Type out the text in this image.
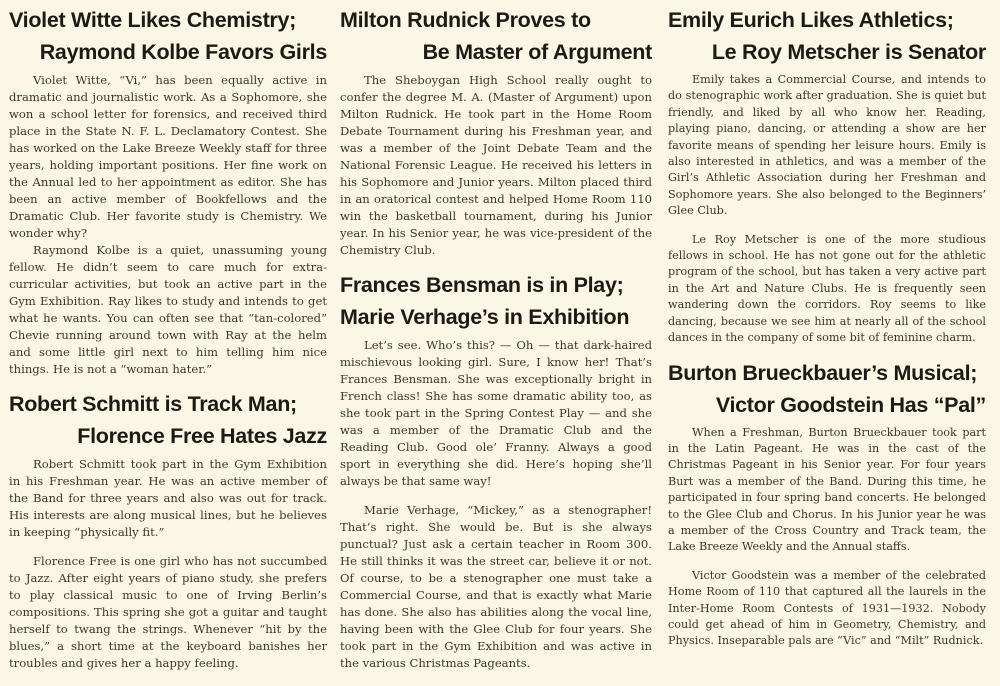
Violet Witte Likes Chemistry;
Raymond Kolbe Favors Girls

Violet Witte, “Vi,” has been equally active in dramatic and journalistic work. As a Sophomore, she won a school letter for forensics, and received third place in the State N. F. L. Declamatory Contest. She has worked on the Lake Breeze Weekly staff for three years, holding important positions. Her fine work on the Annual led to her appointment as editor. She has been an active member of Bookfellows and the Dramatic Club. Her favorite study is Chemistry. We wonder why?

Raymond Kolbe is a quiet, unassuming young fellow. He didn’t seem to care much for extra-curricular activities, but took an active part in the Gym Exhibition. Ray likes to study and intends to get what he wants. You can often see that “tan-colored” Chevie running around town with Ray at the helm and some little girl next to him telling him nice things. He is not a “woman hater.”

Robert Schmitt is Track Man;
Florence Free Hates Jazz

Robert Schmitt took part in the Gym Exhibition in his Freshman year. He was an active member of the Band for three years and also was out for track. His interests are along musical lines, but he believes in keeping “physically fit.”

Florence Free is one girl who has not succumbed to Jazz. After eight years of piano study, she prefers to play classical music to one of Irving Berlin’s compositions. This spring she got a guitar and taught herself to twang the strings. Whenever “hit by the blues,” a short time at the keyboard banishes her troubles and gives her a happy feeling.

Milton Rudnick Proves to
Be Master of Argument

The Sheboygan High School really ought to confer the degree M. A. (Master of Argument) upon Milton Rudnick. He took part in the Home Room Debate Tournament during his Freshman year, and was a member of the Joint Debate Team and the National Forensic League. He received his letters in his Sophomore and Junior years. Milton placed third in an oratorical contest and helped Home Room 110 win the basketball tournament, during his Junior year. In his Senior year, he was vice-president of the Chemistry Club.

Frances Bensman is in Play;
Marie Verhage’s in Exhibition

Let’s see. Who’s this? — Oh — that dark-haired mischievous looking girl. Sure, I know her! That’s Frances Bensman. She was exceptionally bright in French class! She has some dramatic ability too, as she took part in the Spring Contest Play — and she was a member of the Dramatic Club and the Reading Club. Good ole’ Franny. Always a good sport in everything she did. Here’s hoping she’ll always be that same way!

Marie Verhage, “Mickey,” as a stenographer! That’s right. She would be. But is she always punctual? Just ask a certain teacher in Room 300. He still thinks it was the street car, believe it or not. Of course, to be a stenographer one must take a Commercial Course, and that is exactly what Marie has done. She also has abilities along the vocal line, having been with the Glee Club for four years. She took part in the Gym Exhibition and was active in the various Christmas Pageants.

Emily Eurich Likes Athletics;
Le Roy Metscher is Senator

Emily takes a Commercial Course, and intends to do stenographic work after graduation. She is quiet but friendly, and liked by all who know her. Reading, playing piano, dancing, or attending a show are her favorite means of spending her leisure hours. Emily is also interested in athletics, and was a member of the Girl’s Athletic Association during her Freshman and Sophomore years. She also belonged to the Beginners’ Glee Club.

Le Roy Metscher is one of the more studious fellows in school. He has not gone out for the athletic program of the school, but has taken a very active part in the Art and Nature Clubs. He is frequently seen wandering down the corridors. Roy seems to like dancing, because we see him at nearly all of the school dances in the company of some bit of feminine charm.

Burton Brueckbauer’s Musical;
Victor Goodstein Has “Pal”

When a Freshman, Burton Brueckbauer took part in the Latin Pageant. He was in the cast of the Christmas Pageant in his Senior year. For four years Burt was a member of the Band. During this time, he participated in four spring band concerts. He belonged to the Glee Club and Chorus. In his Junior year he was a member of the Cross Country and Track team, the Lake Breeze Weekly and the Annual staffs.

Victor Goodstein was a member of the celebrated Home Room of 110 that captured all the laurels in the Inter-Home Room Contests of 1931—1932. Nobody could get ahead of him in Geometry, Chemistry, and Physics. Inseparable pals are “Vic” and “Milt” Rudnick.
